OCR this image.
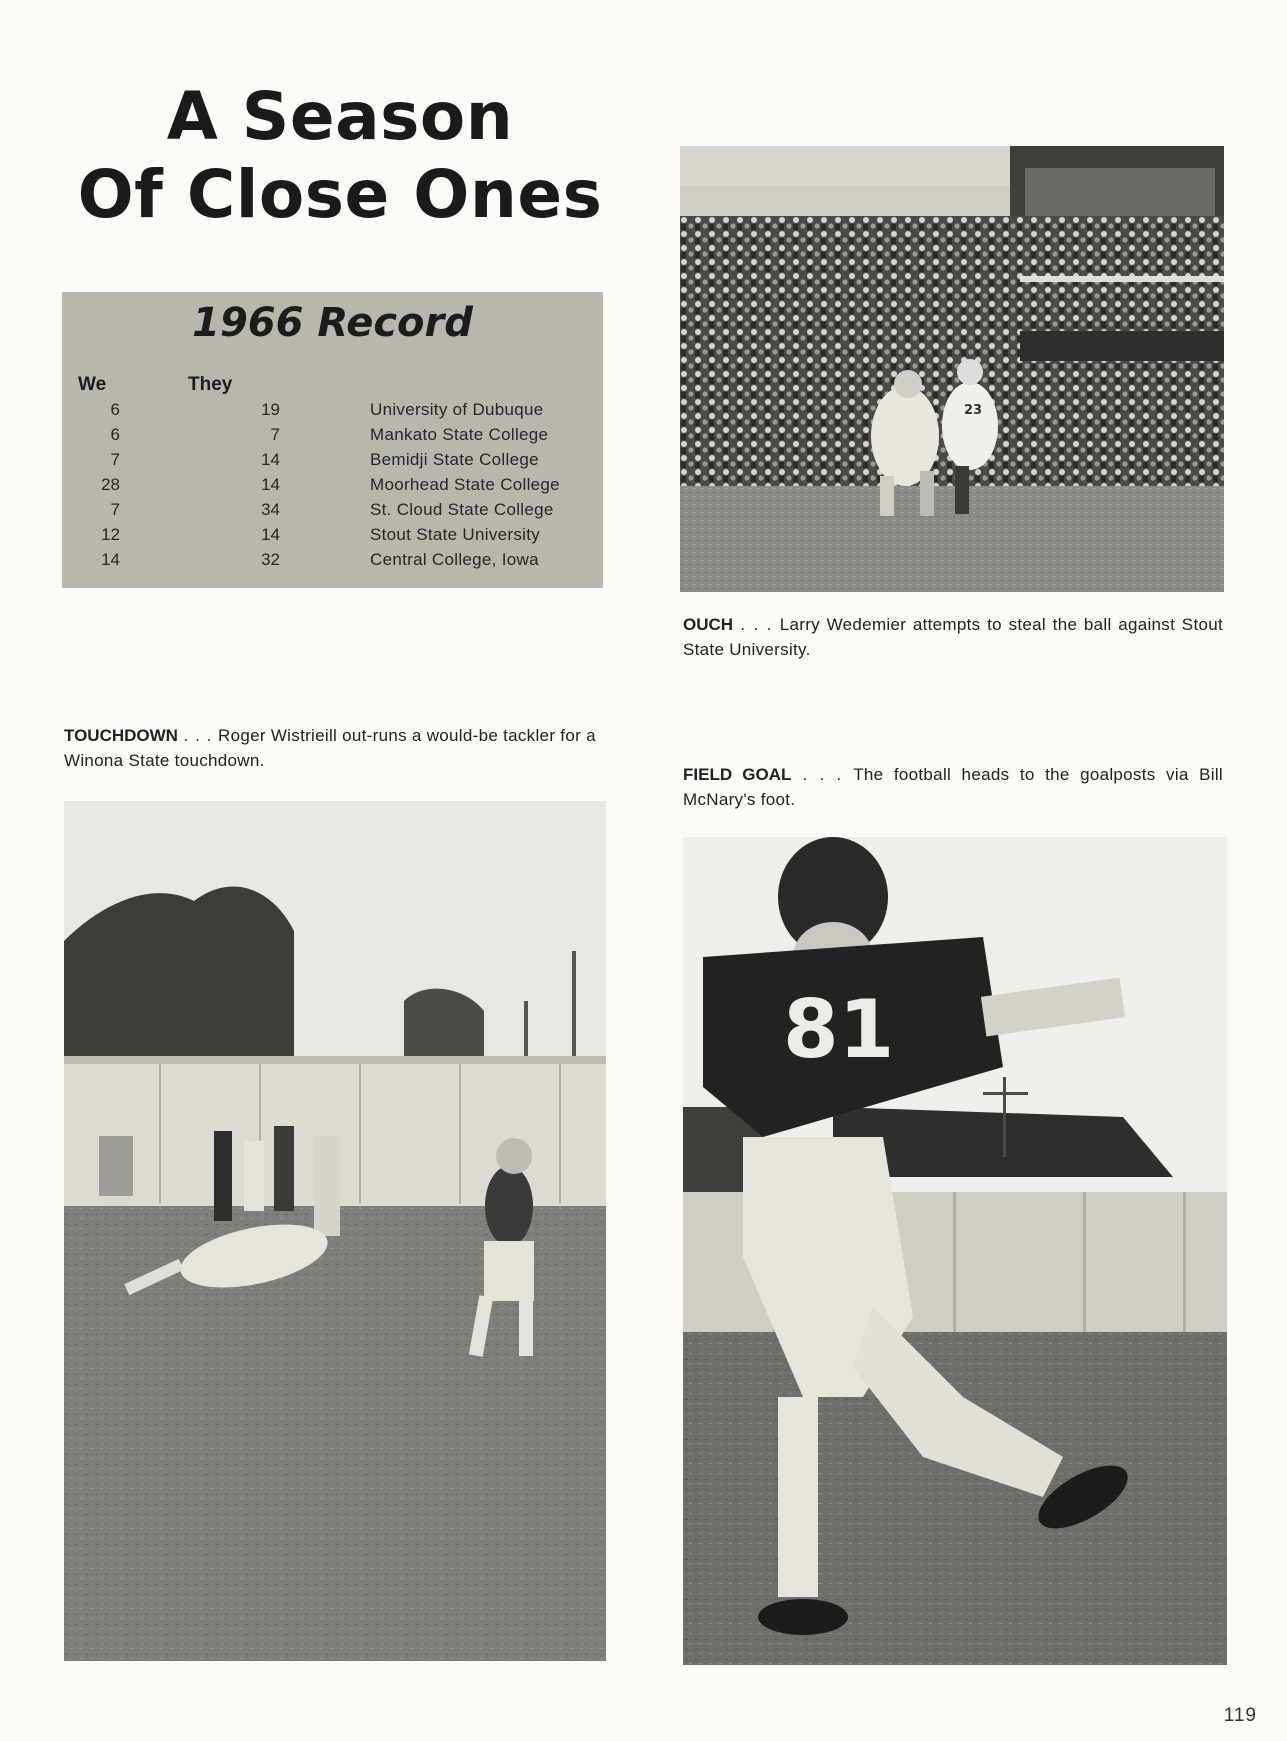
A Season
Of Close Ones
1966 Record
We	They
6	19	University of Dubuque
6	7	Mankato State College
7	14	Bemidji State College
28	14	Moorhead State College
7	34	St. Cloud State College
12	14	Stout State University
14	32	Central College, Iowa
23

OUCH . . . Larry Wedemier attempts to steal the ball against Stout State University.

TOUCHDOWN . . . Roger Wistrieill out-runs a would-be tackler for a Winona State touchdown.

FIELD GOAL . . . The football heads to the goalposts via Bill McNary's foot.

81
119
